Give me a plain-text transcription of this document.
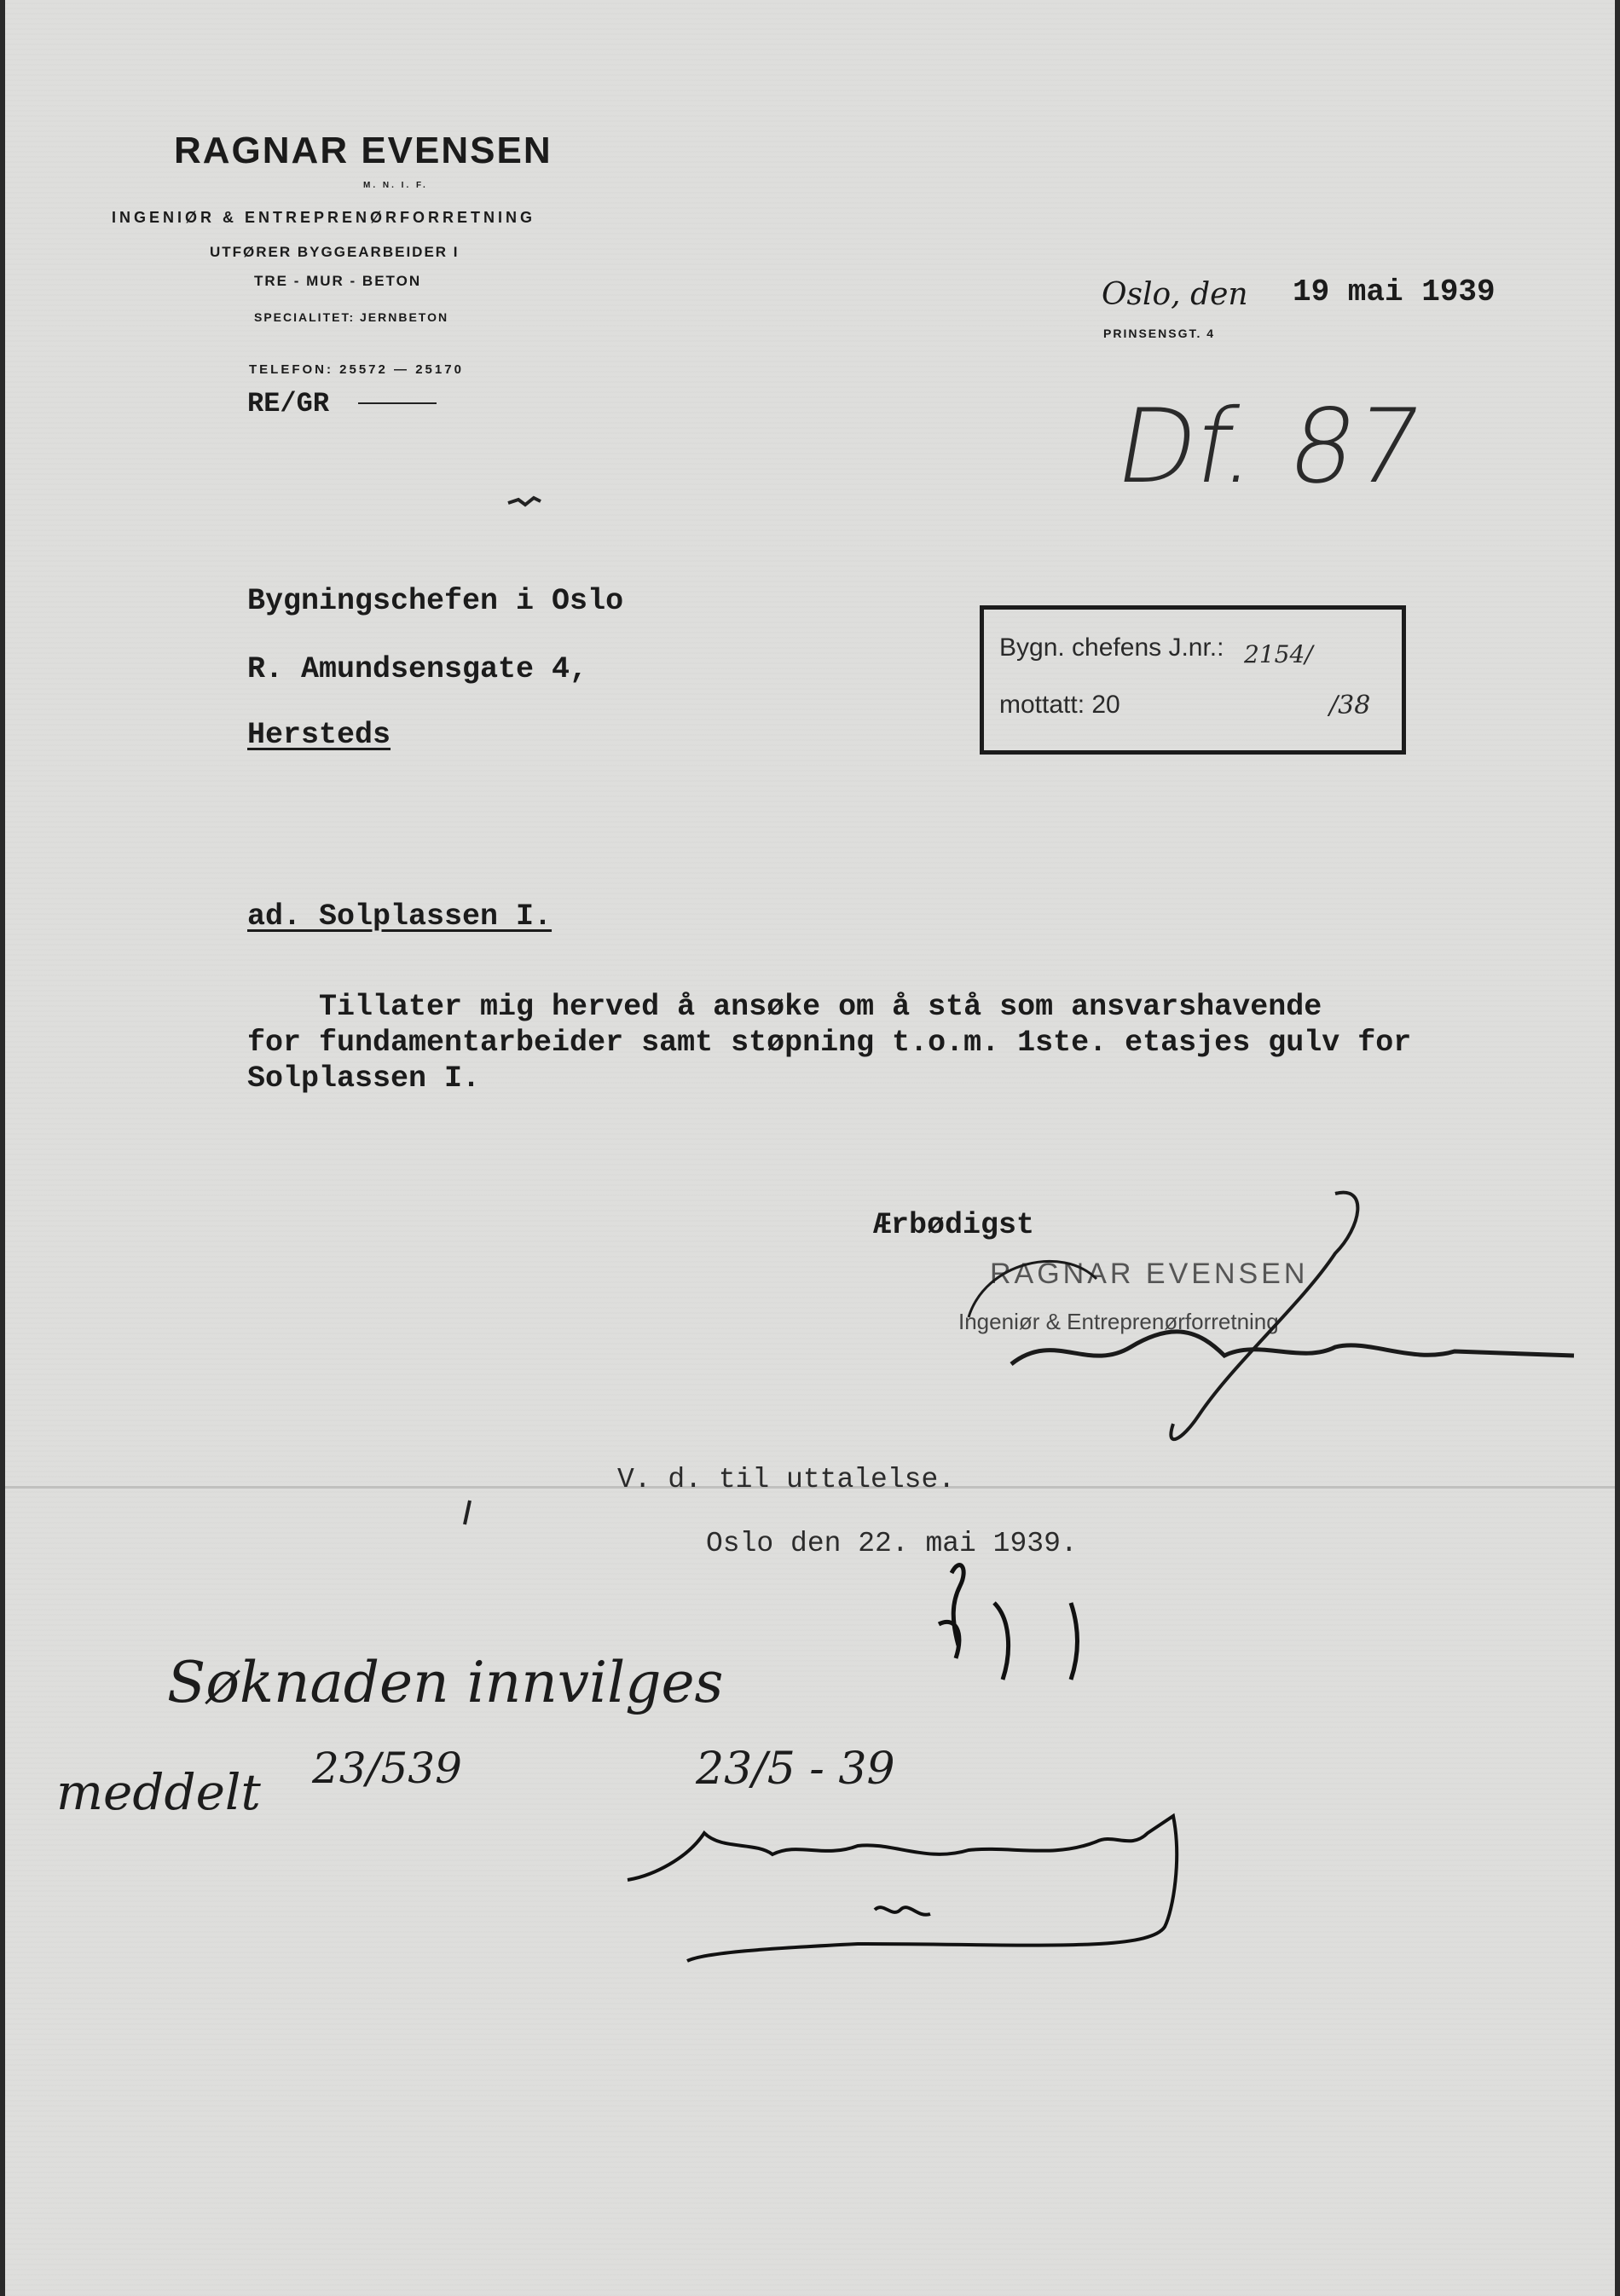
RAGNAR EVENSEN
M. N. I. F.
INGENIØR & ENTREPRENØRFORRETNING
UTFØRER BYGGEARBEIDER I
TRE - MUR - BETON
SPECIALITET: JERNBETON
TELEFON: 25572 — 25170
RE/GR
Oslo, den 19 mai 1939
PRINSENSGT. 4
Df. 87
Bygningschefen i Oslo
R. Amundsensgate 4,
Hersteds
Bygn. chefens J.nr.: 2154/
mottatt: 20	/38
ad. Solplassen I.
Tillater mig herved å ansøke om å stå som ansvarshavende
for fundamentarbeider samt støpning t.o.m. 1ste. etasjes gulv for
Solplassen I.
Ærbødigst
RAGNAR EVENSEN
Ingeniør & Entreprenørforretning
V. d. til uttalelse.
Oslo den 22. mai 1939.
Søknaden innvilges
meddelt 23/539	23/5 - 39
